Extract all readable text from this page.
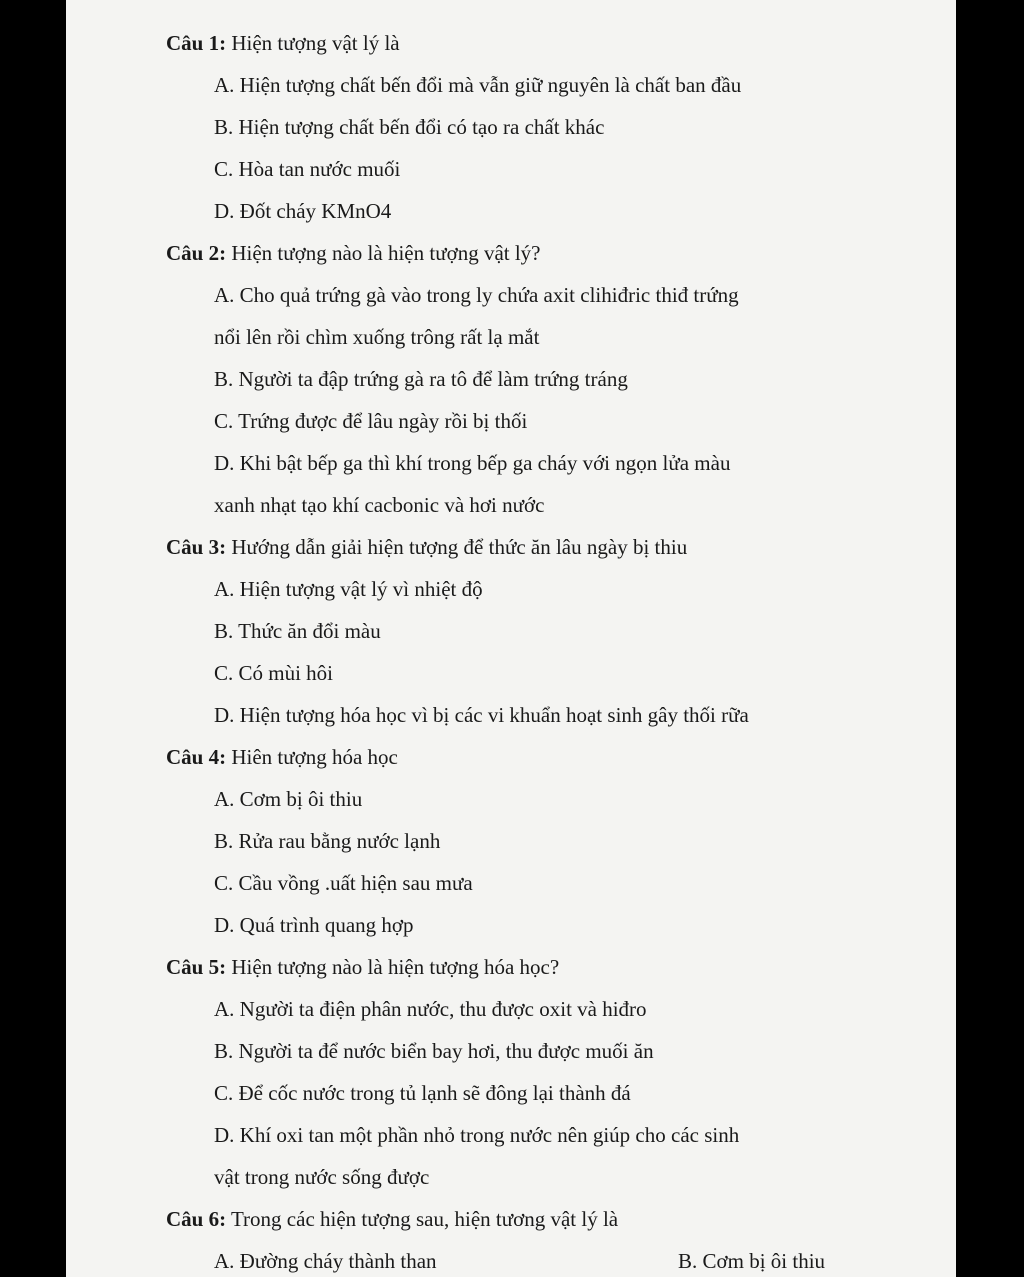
Câu 1: Hiện tượng vật lý là
A. Hiện tượng chất bến đổi mà vẫn giữ nguyên là chất ban đầu
B. Hiện tượng chất bến đổi có tạo ra chất khác
C. Hòa tan nước muối
D. Đốt cháy KMnO4
Câu 2: Hiện tượng nào là hiện tượng vật lý?
A. Cho quả trứng gà vào trong ly chứa axit clihiđric thiđ trứng
nổi lên rồi chìm xuống trông rất lạ mắt
B. Người ta đập trứng gà ra tô để làm trứng tráng
C. Trứng được để lâu ngày rồi bị thối
D. Khi bật bếp ga thì khí trong bếp ga cháy với ngọn lửa màu
xanh nhạt tạo khí cacbonic và hơi nước
Câu 3: Hướng dẫn giải hiện tượng để thức ăn lâu ngày bị thiu
A. Hiện tượng vật lý vì nhiệt độ
B. Thức ăn đổi màu
C. Có mùi hôi
D. Hiện tượng hóa học vì bị các vi khuẩn hoạt sinh gây thối rữa
Câu 4: Hiên tượng hóa học
A. Cơm bị ôi thiu
B. Rửa rau bằng nước lạnh
C. Cầu vồng .uất hiện sau mưa
D. Quá trình quang hợp
Câu 5: Hiện tượng nào là hiện tượng hóa học?
A. Người ta điện phân nước, thu được oxit và hiđro
B. Người ta để nước biển bay hơi, thu được muối ăn
C. Để cốc nước trong tủ lạnh sẽ đông lại thành đá
D. Khí oxi tan một phần nhỏ trong nước nên giúp cho các sinh
vật trong nước sống được
Câu 6: Trong các hiện tượng sau, hiện tương vật lý là
A. Đường cháy thành than	B. Cơm bị ôi thiu
